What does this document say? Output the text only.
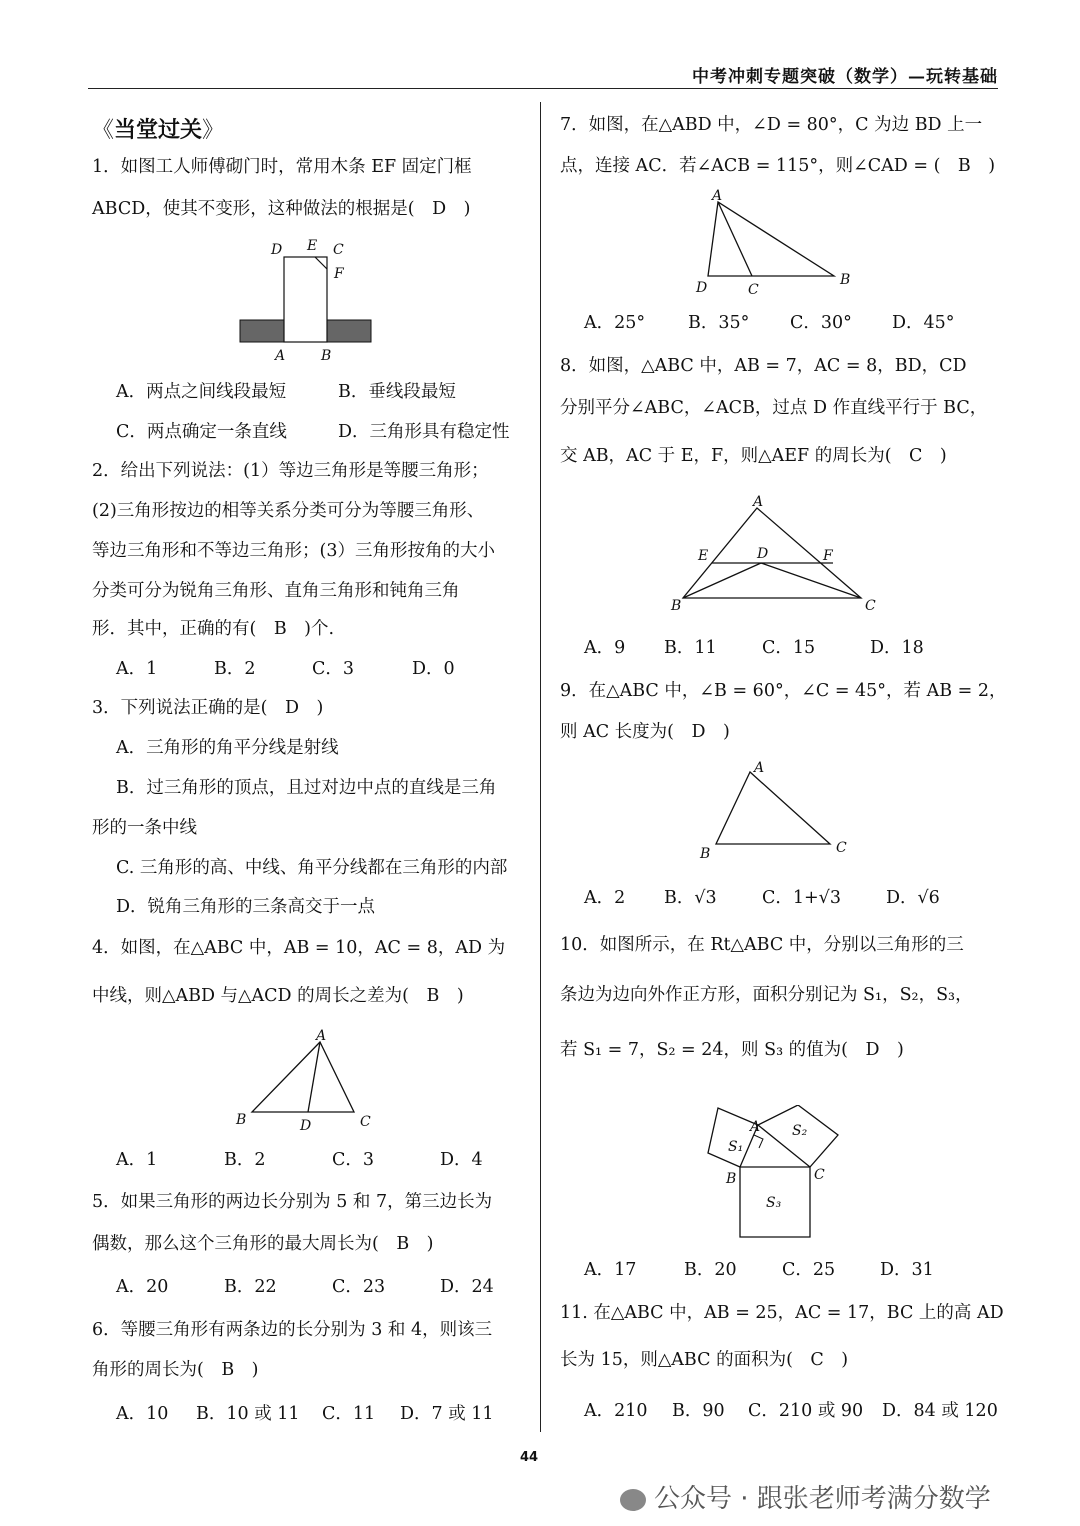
中考冲刺专题突破（数学）—玩转基础
《当堂过关》
1．如图工人师傅砌门时，常用木条 EF 固定门框
ABCD，使其不变形，这种做法的根据是(　D　)
D E C
F
A	B
A．两点之间线段最短	B．垂线段最短
C．两点确定一条直线	D．三角形具有稳定性
2．给出下列说法：(1）等边三角形是等腰三角形；
(2)三角形按边的相等关系分类可分为等腰三角形、
等边三角形和不等边三角形；(3）三角形按角的大小
分类可分为锐角三角形、直角三角形和钝角三角
形．其中，正确的有(　B　)个.
A．1	B．2	C．3	D．0
3．下列说法正确的是(　D　)
A．三角形的角平分线是射线
B．过三角形的顶点，且过对边中点的直线是三角
形的一条中线
C. 三角形的高、中线、角平分线都在三角形的内部
D．锐角三角形的三条高交于一点
4．如图，在△ABC 中，AB = 10，AC = 8，AD 为
中线，则△ABD 与△ACD 的周长之差为(　B　)
A
B	D	C
A．1	B．2	C．3	D．4
5．如果三角形的两边长分别为 5 和 7，第三边长为
偶数，那么这个三角形的最大周长为(　B　)
A．20	B．22	C．23	D．24
6．等腰三角形有两条边的长分别为 3 和 4，则该三
角形的周长为(　B　)
A．10 B．10 或 11 C．11 D．7 或 11
7．如图，在△ABD 中，∠D = 80°，C 为边 BD 上一
点，连接 AC．若∠ACB = 115°，则∠CAD = (　B　)
A
D	C
B
A．25° B．35° C．30° D．45°
8．如图，△ABC 中，AB = 7，AC = 8，BD，CD
分别平分∠ABC，∠ACB，过点 D 作直线平行于 BC，
交 AB，AC 于 E，F，则△AEF 的周长为(　C　)
A
E	D	F
B	C
A．9 B．11	C．15	D．18
9．在△ABC 中，∠B = 60°，∠C = 45°，若 AB = 2，
则 AC 长度为(　D　)
A
B	C
A．2 B．√3	C．1+√3	D．√6
10．如图所示，在 Rt△ABC 中，分别以三角形的三
条边为边向外作正方形，面积分别记为 S₁，S₂，S₃，
若 S₁ = 7，S₂ = 24，则 S₃ 的值为(　D　)
A
B	C
S₁
S₂
S₃
A．17	B．20	C．25	D．31
11. 在△ABC 中，AB = 25，AC = 17，BC 上的高 AD
长为 15，则△ABC 的面积为(　C　)
A．210 B．90 C．210 或 90 D．84 或 120
44
公众号 · 跟张老师考满分数学
